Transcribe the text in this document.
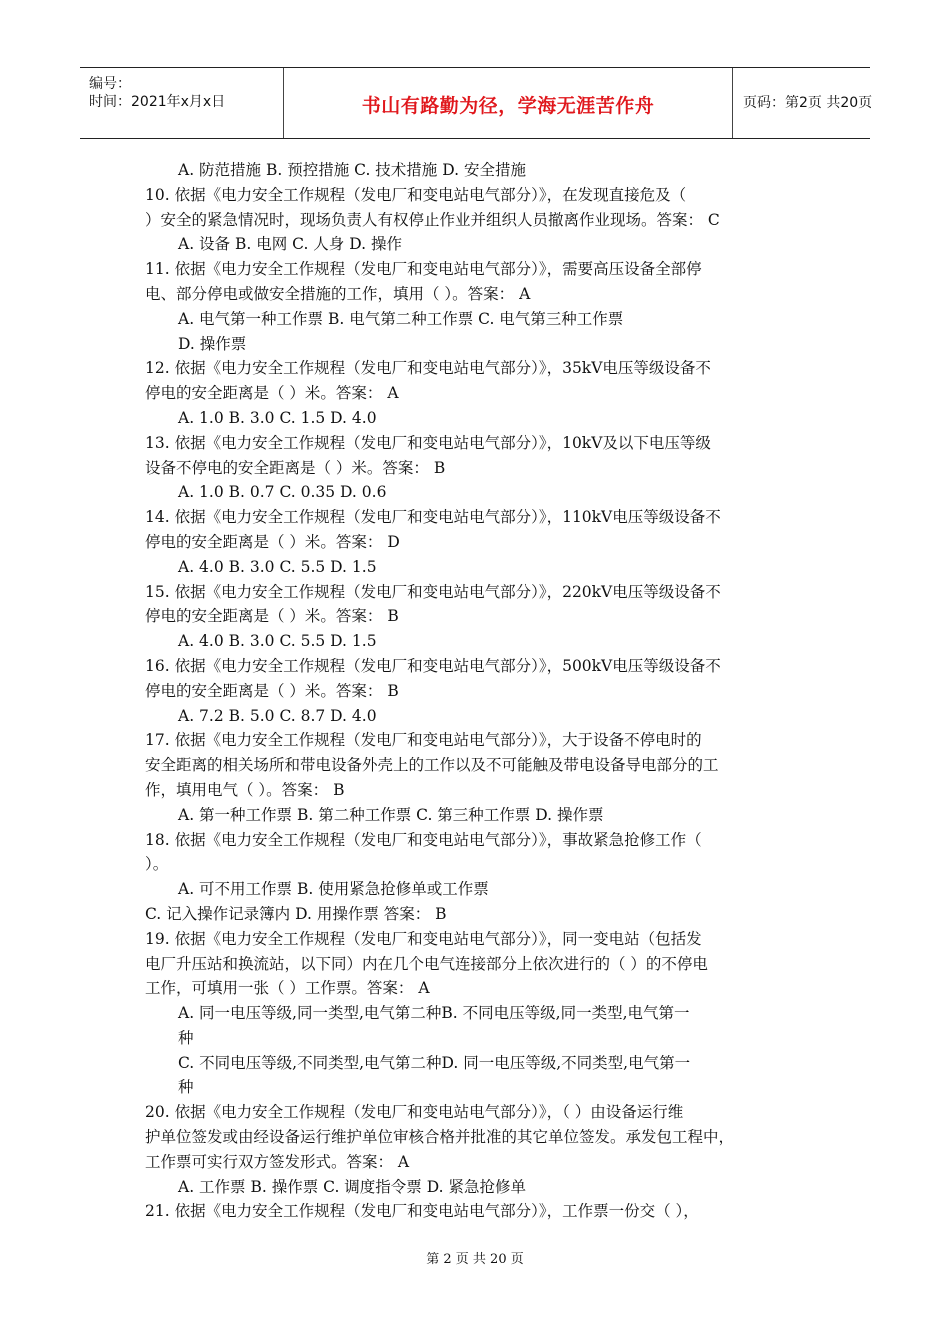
编号：
时间：2021年x月x日	书山有路勤为径，学海无涯苦作舟	页码：第2页 共20页
A. 防范措施 B. 预控措施 C. 技术措施 D. 安全措施
10. 依据《电力安全工作规程（发电厂和变电站电气部分）》，在发现直接危及（
）安全的紧急情况时，现场负责人有权停止作业并组织人员撤离作业现场。答案： C
A. 设备 B. 电网 C. 人身 D. 操作
11. 依据《电力安全工作规程（发电厂和变电站电气部分）》，需要高压设备全部停
电、部分停电或做安全措施的工作，填用（ ）。答案： A
A. 电气第一种工作票 B. 电气第二种工作票 C. 电气第三种工作票
D. 操作票
12. 依据《电力安全工作规程（发电厂和变电站电气部分）》，35kV电压等级设备不
停电的安全距离是（ ）米。答案： A
A. 1.0 B. 3.0 C. 1.5 D. 4.0
13. 依据《电力安全工作规程（发电厂和变电站电气部分）》，10kV及以下电压等级
设备不停电的安全距离是（ ）米。答案： B
A. 1.0 B. 0.7 C. 0.35 D. 0.6
14. 依据《电力安全工作规程（发电厂和变电站电气部分）》，110kV电压等级设备不
停电的安全距离是（ ）米。答案： D
A. 4.0 B. 3.0 C. 5.5 D. 1.5
15. 依据《电力安全工作规程（发电厂和变电站电气部分）》，220kV电压等级设备不
停电的安全距离是（ ）米。答案： B
A. 4.0 B. 3.0 C. 5.5 D. 1.5
16. 依据《电力安全工作规程（发电厂和变电站电气部分）》，500kV电压等级设备不
停电的安全距离是（ ）米。答案： B
A. 7.2 B. 5.0 C. 8.7 D. 4.0
17. 依据《电力安全工作规程（发电厂和变电站电气部分）》，大于设备不停电时的
安全距离的相关场所和带电设备外壳上的工作以及不可能触及带电设备导电部分的工
作，填用电气（ ）。答案： B
A. 第一种工作票 B. 第二种工作票 C. 第三种工作票 D. 操作票
18. 依据《电力安全工作规程（发电厂和变电站电气部分）》，事故紧急抢修工作（
）。
A. 可不用工作票 B. 使用紧急抢修单或工作票
C. 记入操作记录簿内 D. 用操作票 答案： B
19. 依据《电力安全工作规程（发电厂和变电站电气部分）》，同一变电站（包括发
电厂升压站和换流站，以下同）内在几个电气连接部分上依次进行的（ ）的不停电
工作，可填用一张（ ）工作票。答案： A
A. 同一电压等级,同一类型,电气第二种B. 不同电压等级,同一类型,电气第一
种
C. 不同电压等级,不同类型,电气第二种D. 同一电压等级,不同类型,电气第一
种
20. 依据《电力安全工作规程（发电厂和变电站电气部分）》，（ ）由设备运行维
护单位签发或由经设备运行维护单位审核合格并批准的其它单位签发。承发包工程中，
工作票可实行双方签发形式。答案： A
A. 工作票 B. 操作票 C. 调度指令票 D. 紧急抢修单
21. 依据《电力安全工作规程（发电厂和变电站电气部分）》，工作票一份交（ ），
第 2 页 共 20 页
